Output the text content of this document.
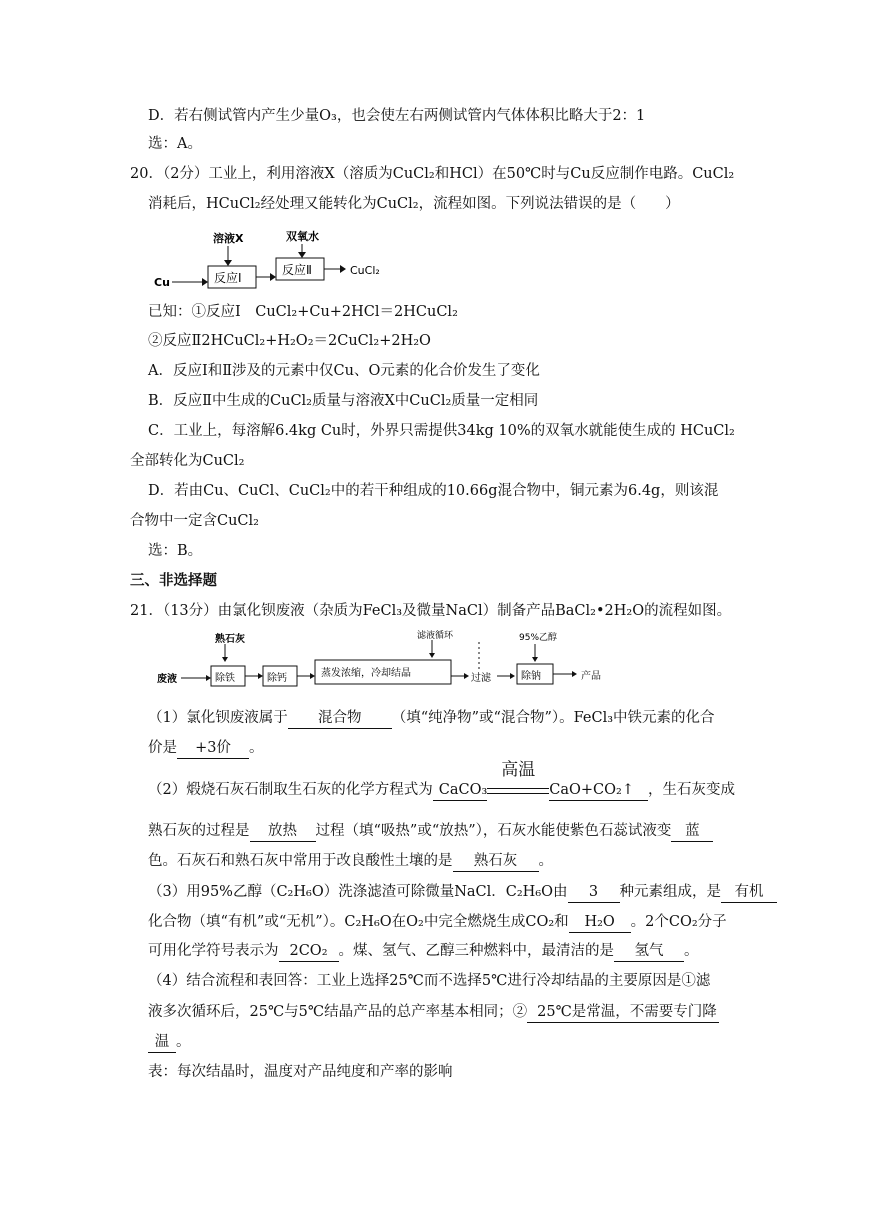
D．若右侧试管内产生少量O₃，也会使左右两侧试管内气体体积比略大于2：1
选：A。
20．（2分）工业上，利用溶液X（溶质为CuCl₂和HCl）在50℃时与Cu反应制作电路。CuCl₂
消耗后，HCuCl₂经处理又能转化为CuCl₂，流程如图。下列说法错误的是（　　）
溶液X	双氧水
Cu	反应Ⅰ
反应Ⅱ	CuCl₂
已知：①反应Ⅰ　CuCl₂+Cu+2HCl＝2HCuCl₂
②反应Ⅱ2HCuCl₂+H₂O₂＝2CuCl₂+2H₂O
A．反应Ⅰ和Ⅱ涉及的元素中仅Cu、O元素的化合价发生了变化
B．反应Ⅱ中生成的CuCl₂质量与溶液X中CuCl₂质量一定相同
C．工业上，每溶解6.4kg Cu时，外界只需提供34kg 10%的双氧水就能使生成的 HCuCl₂
全部转化为CuCl₂
D．若由Cu、CuCl、CuCl₂中的若干种组成的10.66g混合物中，铜元素为6.4g，则该混
合物中一定含CuCl₂
选：B。
三、非选择题
21．（13分）由氯化钡废液（杂质为FeCl₃及微量NaCl）制备产品BaCl₂•2H₂O的流程如图。
熟石灰	滤液循环	95%乙醇
废液	除铁	除钙	蒸发浓缩，冷却结晶	过滤	除钠	产品
（1）氯化钡废液属于 混合物 （填“纯净物”或“混合物”）。FeCl₃中铁元素的化合
价是 +3价 。
（2）煅烧石灰石制取生石灰的化学方程式为 CaCO₃
高温
CaO+CO₂↑ ，生石灰变成
熟石灰的过程是 放热 过程（填“吸热”或“放热”），石灰水能使紫色石蕊试液变 蓝
色。石灰石和熟石灰中常用于改良酸性土壤的是 熟石灰 。
（3）用95%乙醇（C₂H₆O）洗涤滤渣可除微量NaCl．C₂H₆O由 3 种元素组成，是 有机
化合物（填“有机”或“无机”）。C₂H₆O在O₂中完全燃烧生成CO₂和 H₂O 。2个CO₂分子
可用化学符号表示为 2CO₂ 。煤、氢气、乙醇三种燃料中，最清洁的是 氢气 。
（4）结合流程和表回答：工业上选择25℃而不选择5℃进行冷却结晶的主要原因是①滤
液多次循环后，25℃与5℃结晶产品的总产率基本相同；② 25℃是常温，不需要专门降
温 。
表：每次结晶时，温度对产品纯度和产率的影响
